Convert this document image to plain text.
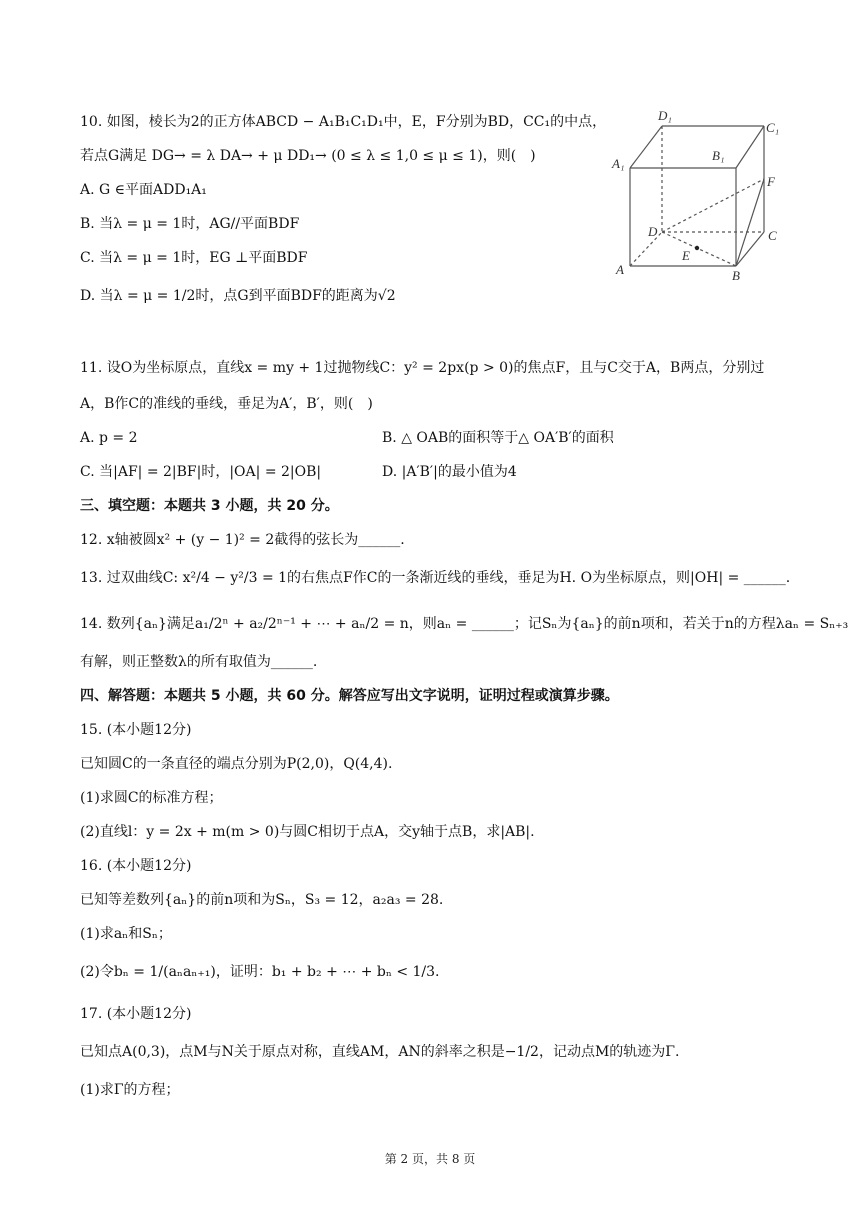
10. 如图，棱长为2的正方体ABCD − A₁B₁C₁D₁中，E，F分别为BD，CC₁的中点，
若点G满足 DG→ = λ DA→ + μ DD₁→ (0 ≤ λ ≤ 1,0 ≤ μ ≤ 1)，则(　)
A. G ∈平面ADD₁A₁
B. 当λ = μ = 1时，AG//平面BDF
C. 当λ = μ = 1时，EG ⊥平面BDF
D. 当λ = μ = 1/2时，点G到平面BDF的距离为√2
D₁
C₁
A₁
B₁
F
D	C
E
A	B
11. 设O为坐标原点，直线x = my + 1过抛物线C：y² = 2px(p > 0)的焦点F，且与C交于A，B两点，分别过
A，B作C的准线的垂线，垂足为A′，B′，则(　)
A. p = 2	B. △ OAB的面积等于△ OA′B′的面积
C. 当|AF| = 2|BF|时，|OA| = 2|OB|	D. |A′B′|的最小值为4
三、填空题：本题共 3 小题，共 20 分。
12. x轴被圆x² + (y − 1)² = 2截得的弦长为______.
13. 过双曲线C: x²/4 − y²/3 = 1的右焦点F作C的一条渐近线的垂线，垂足为H. O为坐标原点，则|OH| = ______.
14. 数列{aₙ}满足a₁/2ⁿ + a₂/2ⁿ⁻¹ + ⋯ + aₙ/2 = n，则aₙ = ______；记Sₙ为{aₙ}的前n项和，若关于n的方程λaₙ = Sₙ₊₃
有解，则正整数λ的所有取值为______.
四、解答题：本题共 5 小题，共 60 分。解答应写出文字说明，证明过程或演算步骤。
15. (本小题12分)
已知圆C的一条直径的端点分别为P(2,0)，Q(4,4).
(1)求圆C的标准方程；
(2)直线l：y = 2x + m(m > 0)与圆C相切于点A，交y轴于点B，求|AB|.
16. (本小题12分)
已知等差数列{aₙ}的前n项和为Sₙ，S₃ = 12，a₂a₃ = 28.
(1)求aₙ和Sₙ；
(2)令bₙ = 1/(aₙaₙ₊₁)，证明：b₁ + b₂ + ⋯ + bₙ < 1/3.
17. (本小题12分)
已知点A(0,3)，点M与N关于原点对称，直线AM，AN的斜率之积是−1/2，记动点M的轨迹为Γ.
(1)求Γ的方程；
第 2 页，共 8 页
